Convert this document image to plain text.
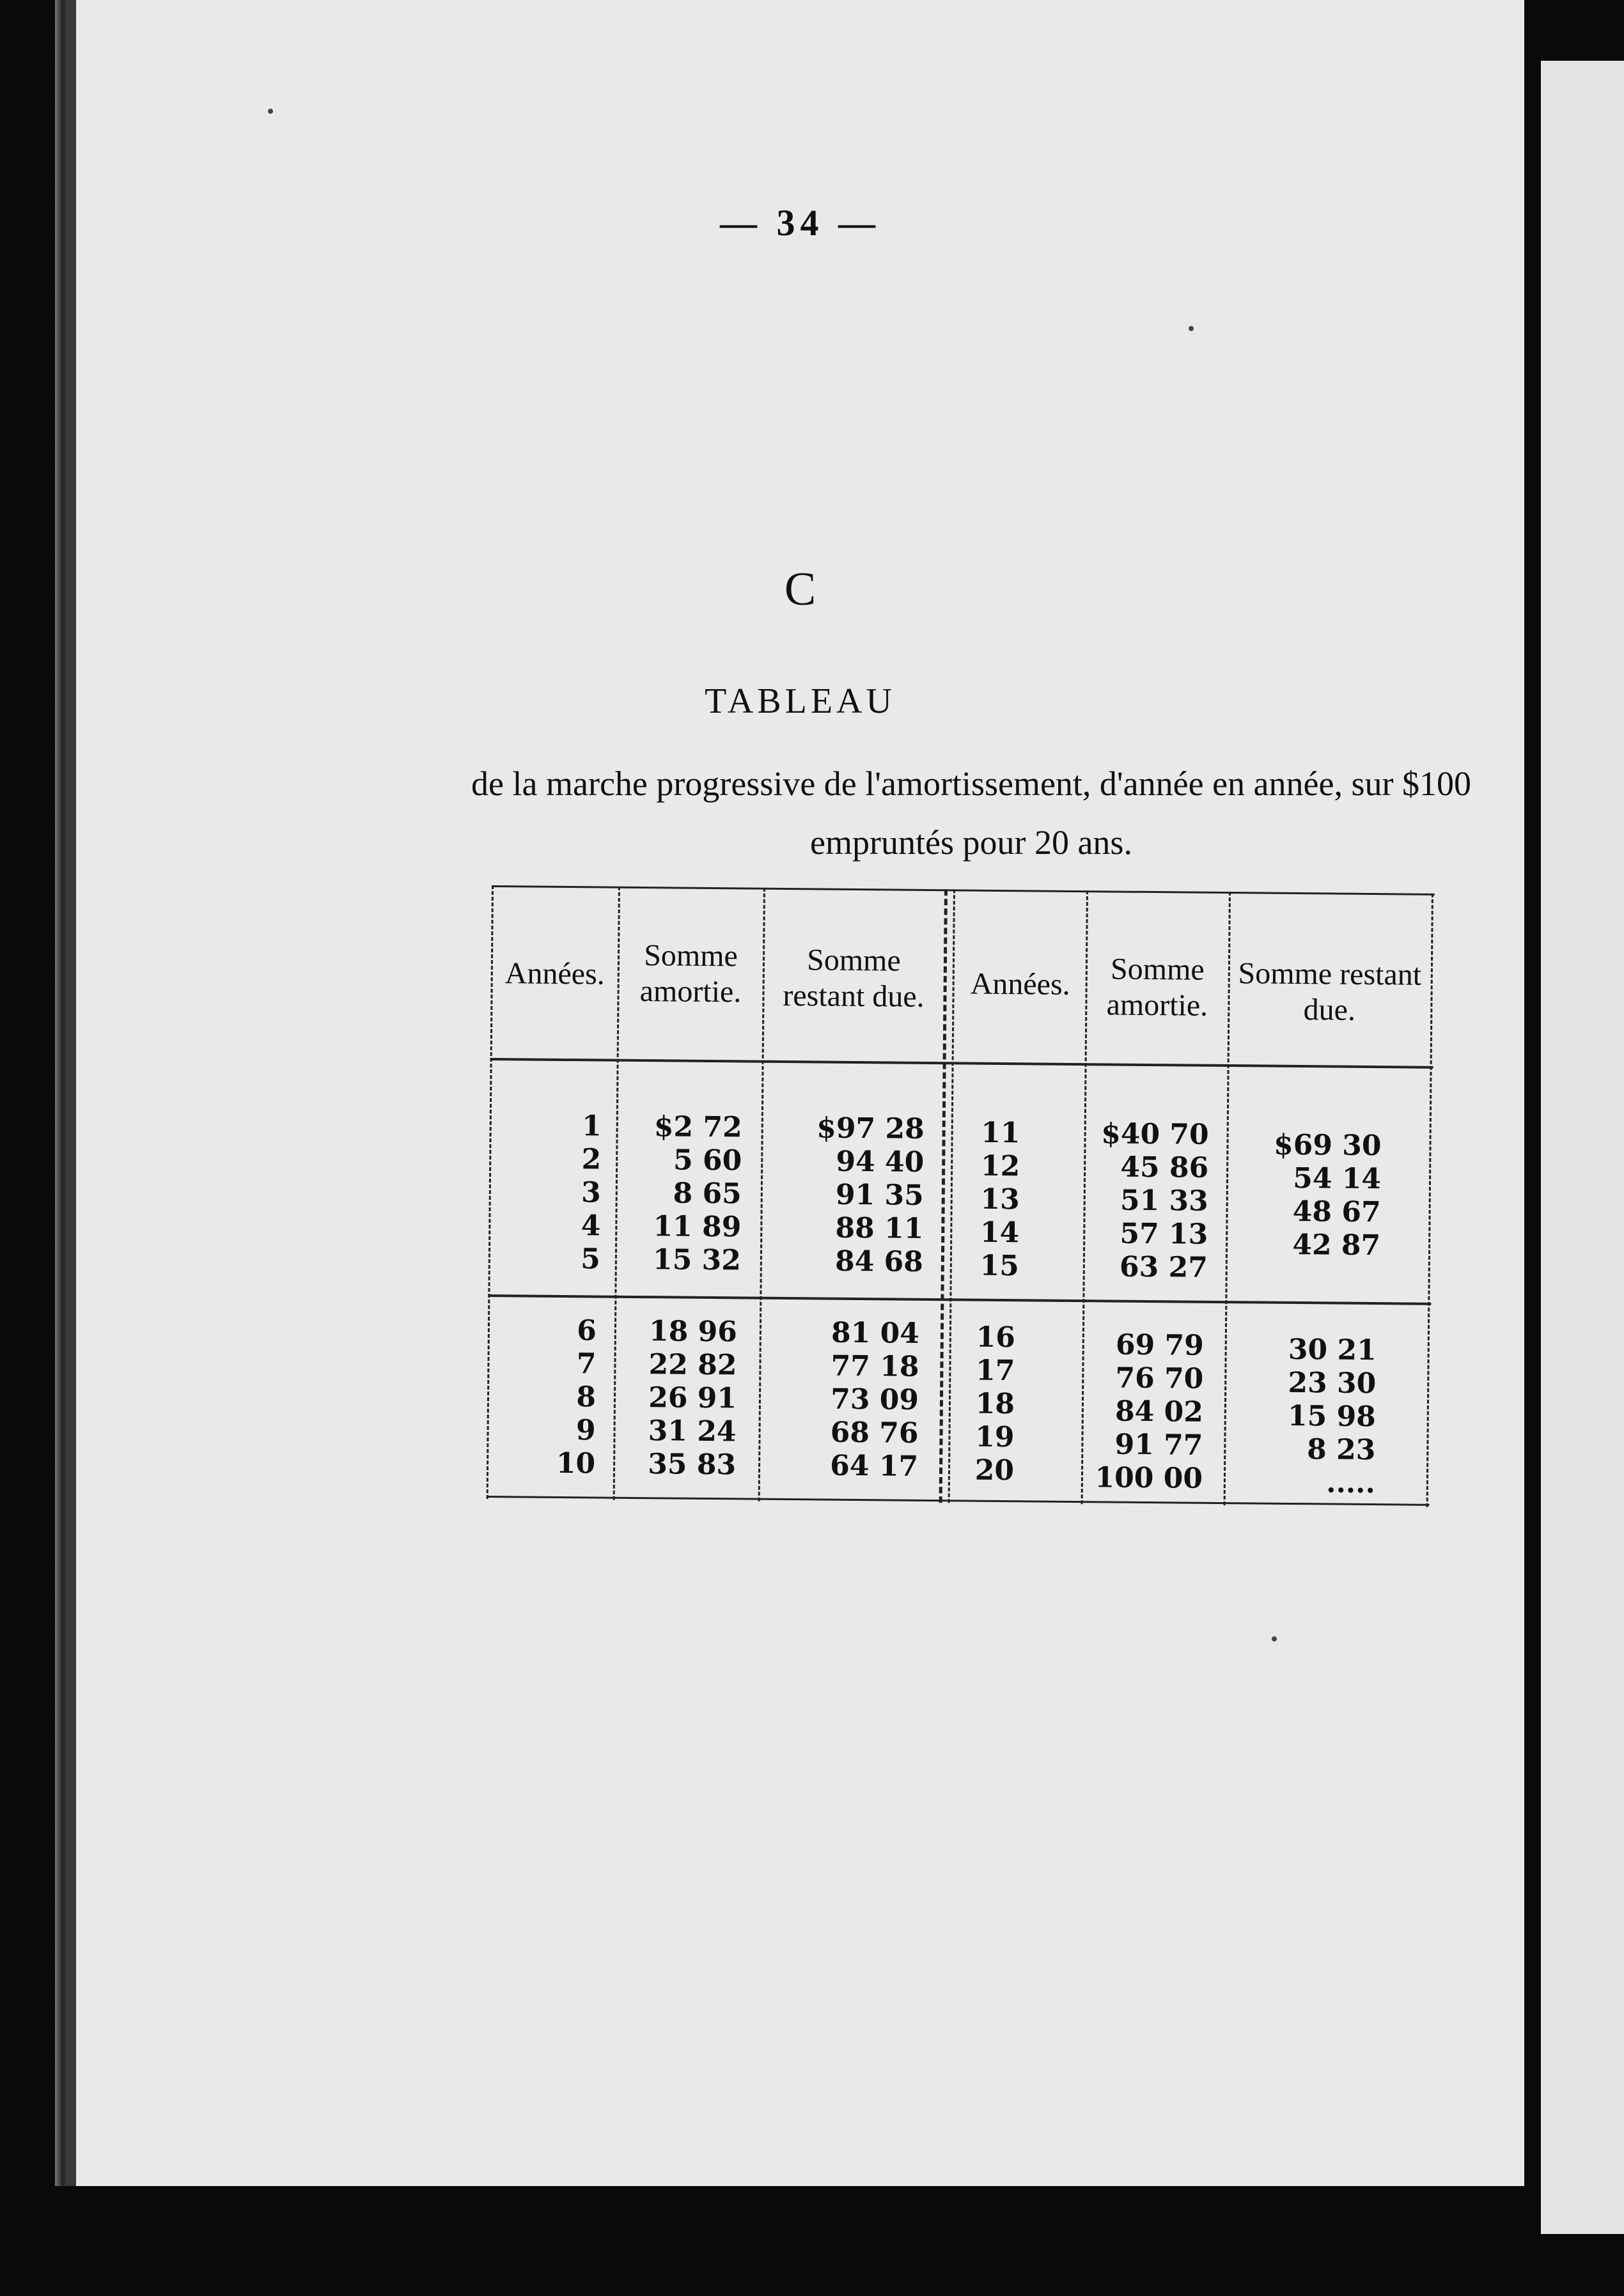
— 34 —
C
TABLEAU
de la marche progressive de l'amortissement, d'année en année, sur $100 empruntés pour 20 ans.
Années.
Somme amortie.
Somme restant due.	Années.	Somme amortie.
Somme restant due.
1
2
3
4
5
$2 72
5 60
8 65
11 89
15 32
$97 28
94 40
91 35
88 11
84 68
6
7
8
9
10
18 96
22 82
26 91
31 24
35 83
81 04
77 18
73 09
68 76
64 17
11
12
13
14
15
$40 70
45 86
51 33
57 13
63 27
$69 30
54 14
48 67
42 87
16
17
18
19
20
69 79
76 70
84 02
91 77
100 00
30 21
23 30
15 98
8 23
.....
